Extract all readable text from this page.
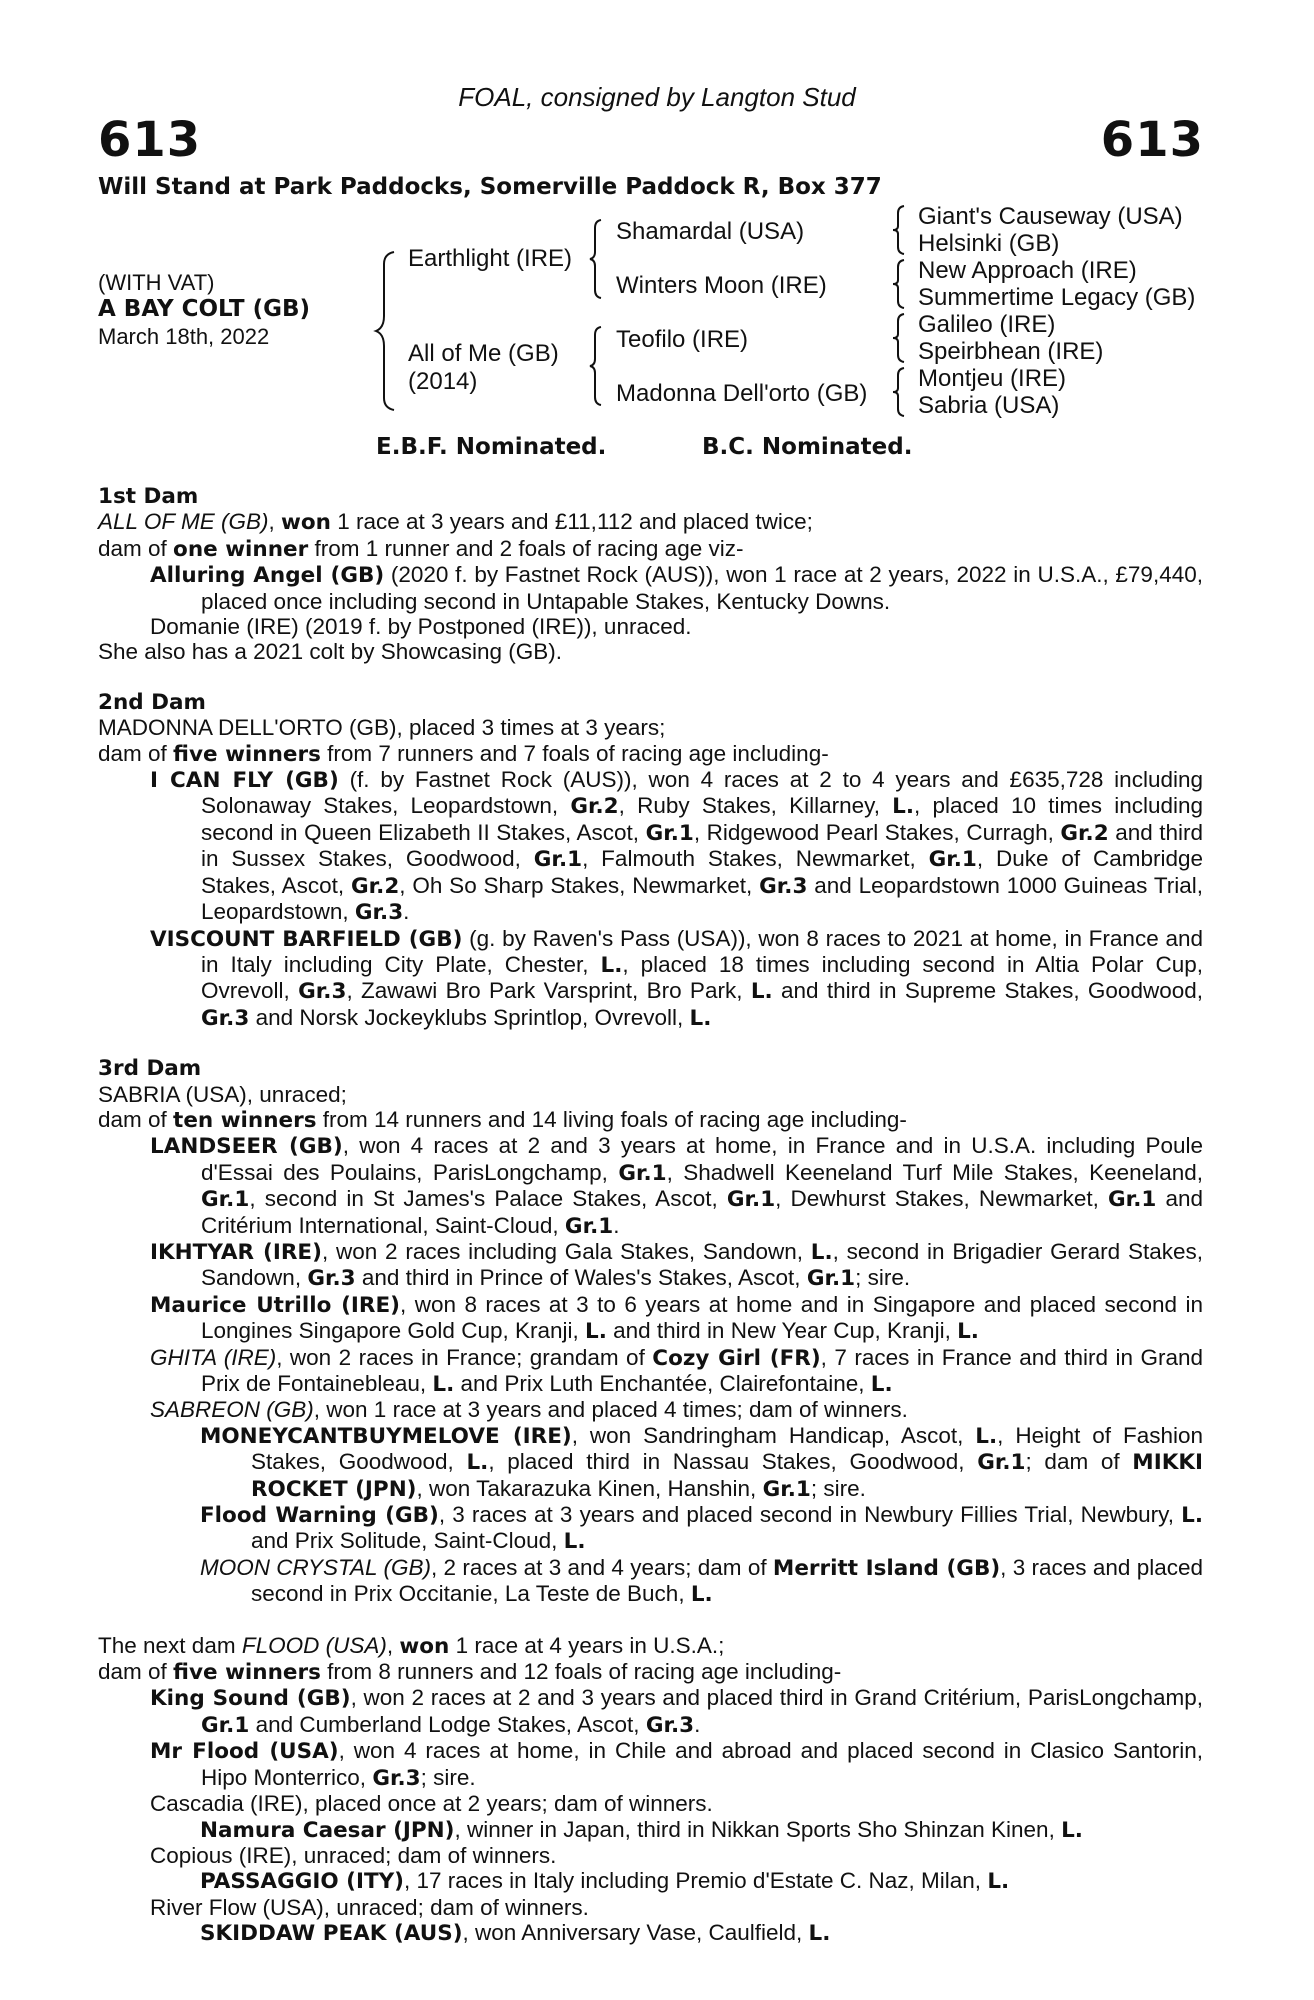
FOAL, consigned by Langton Stud
613	613
Will Stand at Park Paddocks, Somerville Paddock R, Box 377
(WITH VAT)
A BAY COLT (GB)
March 18th, 2022
Earthlight (IRE)
All of Me (GB)
(2014)
Shamardal (USA)
Winters Moon (IRE)
Teofilo (IRE)
Madonna Dell'orto (GB)
Giant's Causeway (USA)
Helsinki (GB)
New Approach (IRE)
Summertime Legacy (GB)
Galileo (IRE)
Speirbhean (IRE)
Montjeu (IRE)
Sabria (USA)
E.B.F. Nominated.	B.C. Nominated.

1st Dam

ALL OF ME (GB), won 1 race at 3 years and £11,112 and placed twice;

dam of one winner from 1 runner and 2 foals of racing age viz-

Alluring Angel (GB) (2020 f. by Fastnet Rock (AUS)), won 1 race at 2 years, 2022 in U.S.A., £79,440, placed once including second in Untapable Stakes, Kentucky Downs.

Domanie (IRE) (2019 f. by Postponed (IRE)), unraced.

She also has a 2021 colt by Showcasing (GB).

2nd Dam

MADONNA DELL'ORTO (GB), placed 3 times at 3 years;

dam of five winners from 7 runners and 7 foals of racing age including-

I CAN FLY (GB) (f. by Fastnet Rock (AUS)), won 4 races at 2 to 4 years and £635,728 including Solonaway Stakes, Leopardstown, Gr.2, Ruby Stakes, Killarney, L., placed 10 times including second in Queen Elizabeth II Stakes, Ascot, Gr.1, Ridgewood Pearl Stakes, Curragh, Gr.2 and third in Sussex Stakes, Goodwood, Gr.1, Falmouth Stakes, Newmarket, Gr.1, Duke of Cambridge Stakes, Ascot, Gr.2, Oh So Sharp Stakes, Newmarket, Gr.3 and Leopardstown 1000 Guineas Trial, Leopardstown, Gr.3.

VISCOUNT BARFIELD (GB) (g. by Raven's Pass (USA)), won 8 races to 2021 at home, in France and in Italy including City Plate, Chester, L., placed 18 times including second in Altia Polar Cup, Ovrevoll, Gr.3, Zawawi Bro Park Varsprint, Bro Park, L. and third in Supreme Stakes, Goodwood, Gr.3 and Norsk Jockeyklubs Sprintlop, Ovrevoll, L.

3rd Dam

SABRIA (USA), unraced;

dam of ten winners from 14 runners and 14 living foals of racing age including-

LANDSEER (GB), won 4 races at 2 and 3 years at home, in France and in U.S.A. including Poule d'Essai des Poulains, ParisLongchamp, Gr.1, Shadwell Keeneland Turf Mile Stakes, Keeneland, Gr.1, second in St James's Palace Stakes, Ascot, Gr.1, Dewhurst Stakes, Newmarket, Gr.1 and Critérium International, Saint-Cloud, Gr.1.

IKHTYAR (IRE), won 2 races including Gala Stakes, Sandown, L., second in Brigadier Gerard Stakes, Sandown, Gr.3 and third in Prince of Wales's Stakes, Ascot, Gr.1; sire.

Maurice Utrillo (IRE), won 8 races at 3 to 6 years at home and in Singapore and placed second in Longines Singapore Gold Cup, Kranji, L. and third in New Year Cup, Kranji, L.

GHITA (IRE), won 2 races in France; grandam of Cozy Girl (FR), 7 races in France and third in Grand Prix de Fontainebleau, L. and Prix Luth Enchantée, Clairefontaine, L.

SABREON (GB), won 1 race at 3 years and placed 4 times; dam of winners.

MONEYCANTBUYMELOVE (IRE), won Sandringham Handicap, Ascot, L., Height of Fashion Stakes, Goodwood, L., placed third in Nassau Stakes, Goodwood, Gr.1; dam of MIKKI ROCKET (JPN), won Takarazuka Kinen, Hanshin, Gr.1; sire.

Flood Warning (GB), 3 races at 3 years and placed second in Newbury Fillies Trial, Newbury, L. and Prix Solitude, Saint-Cloud, L.

MOON CRYSTAL (GB), 2 races at 3 and 4 years; dam of Merritt Island (GB), 3 races and placed second in Prix Occitanie, La Teste de Buch, L.

The next dam FLOOD (USA), won 1 race at 4 years in U.S.A.;

dam of five winners from 8 runners and 12 foals of racing age including-

King Sound (GB), won 2 races at 2 and 3 years and placed third in Grand Critérium, ParisLongchamp, Gr.1 and Cumberland Lodge Stakes, Ascot, Gr.3.

Mr Flood (USA), won 4 races at home, in Chile and abroad and placed second in Clasico Santorin, Hipo Monterrico, Gr.3; sire.

Cascadia (IRE), placed once at 2 years; dam of winners.

Namura Caesar (JPN), winner in Japan, third in Nikkan Sports Sho Shinzan Kinen, L.

Copious (IRE), unraced; dam of winners.

PASSAGGIO (ITY), 17 races in Italy including Premio d'Estate C. Naz, Milan, L.

River Flow (USA), unraced; dam of winners.

SKIDDAW PEAK (AUS), won Anniversary Vase, Caulfield, L.
